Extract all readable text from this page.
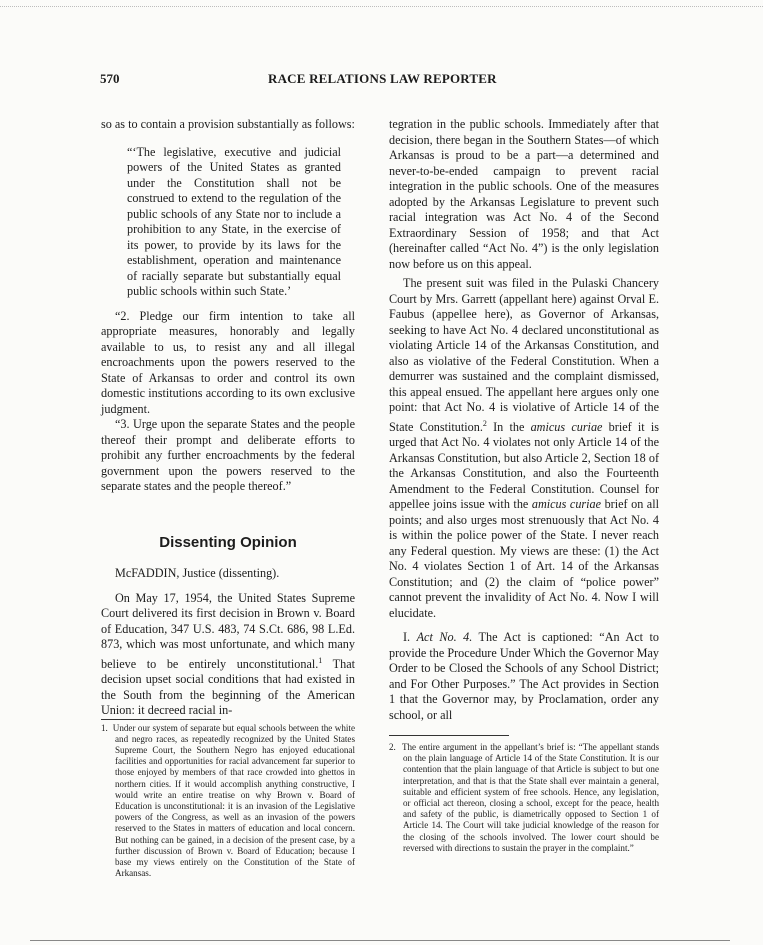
570	RACE RELATIONS LAW REPORTER

so as to contain a provision substantially as follows:

“‘The legislative, executive and judicial powers of the United States as granted under the Constitution shall not be construed to extend to the regulation of the public schools of any State nor to include a prohibition to any State, in the exercise of its power, to provide by its laws for the establishment, operation and maintenance of racially separate but substantially equal public schools within such State.’

“2. Pledge our firm intention to take all appropriate measures, honorably and legally available to us, to resist any and all illegal encroachments upon the powers reserved to the State of Arkansas to order and control its own domestic institutions according to its own exclusive judgment.

“3. Urge upon the separate States and the people thereof their prompt and deliberate efforts to prohibit any further encroachments by the federal government upon the powers reserved to the separate states and the people thereof.”

Dissenting Opinion

McFADDIN, Justice (dissenting).

On May 17, 1954, the United States Supreme Court delivered its first decision in Brown v. Board of Education, 347 U.S. 483, 74 S.Ct. 686, 98 L.Ed. 873, which was most unfortunate, and which many believe to be entirely unconstitutional.$^1$ That decision upset social conditions that had existed in the South from the beginning of the American Union: it decreed racial in-

1. Under our system of separate but equal schools between the white and negro races, as repeatedly recognized by the United States Supreme Court, the Southern Negro has enjoyed educational facilities and opportunities for racial advancement far superior to those enjoyed by members of that race crowded into ghettos in northern cities. If it would accomplish anything constructive, I would write an entire treatise on why Brown v. Board of Education is unconstitutional: it is an invasion of the Legislative powers of the Congress, as well as an invasion of the powers reserved to the States in matters of education and local concern. But nothing can be gained, in a decision of the present case, by a further discussion of Brown v. Board of Education; because I base my views entirely on the Constitution of the State of Arkansas.

tegration in the public schools. Immediately after that decision, there began in the Southern States—of which Arkansas is proud to be a part—a determined and never-to-be-ended campaign to prevent racial integration in the public schools. One of the measures adopted by the Arkansas Legislature to prevent such racial integration was Act No. 4 of the Second Extraordinary Session of 1958; and that Act (hereinafter called “Act No. 4”) is the only legislation now before us on this appeal.

The present suit was filed in the Pulaski Chancery Court by Mrs. Garrett (appellant here) against Orval E. Faubus (appellee here), as Governor of Arkansas, seeking to have Act No. 4 declared unconstitutional as violating Article 14 of the Arkansas Constitution, and also as violative of the Federal Constitution. When a demurrer was sustained and the complaint dismissed, this appeal ensued. The appellant here argues only one point: that Act No. 4 is violative of Article 14 of the State Constitution.$^2$ In the amicus curiae brief it is urged that Act No. 4 violates not only Article 14 of the Arkansas Constitution, but also Article 2, Section 18 of the Arkansas Constitution, and also the Fourteenth Amendment to the Federal Constitution. Counsel for appellee joins issue with the amicus curiae brief on all points; and also urges most strenuously that Act No. 4 is within the police power of the State. I never reach any Federal question. My views are these: (1) the Act No. 4 violates Section 1 of Art. 14 of the Arkansas Constitution; and (2) the claim of “police power” cannot prevent the invalidity of Act No. 4. Now I will elucidate.

I. Act No. 4. The Act is captioned: “An Act to provide the Procedure Under Which the Governor May Order to be Closed the Schools of any School District; and For Other Purposes.” The Act provides in Section 1 that the Governor may, by Proclamation, order any school, or all

2. The entire argument in the appellant’s brief is: “The appellant stands on the plain language of Article 14 of the State Constitution. It is our contention that the plain language of that Article is subject to but one interpretation, and that is that the State shall ever maintain a general, suitable and efficient system of free schools. Hence, any legislation, or official act thereon, closing a school, except for the peace, health and safety of the public, is diametrically opposed to Section 1 of Article 14. The Court will take judicial knowledge of the reason for the closing of the schools involved. The lower court should be reversed with directions to sustain the prayer in the complaint.”
